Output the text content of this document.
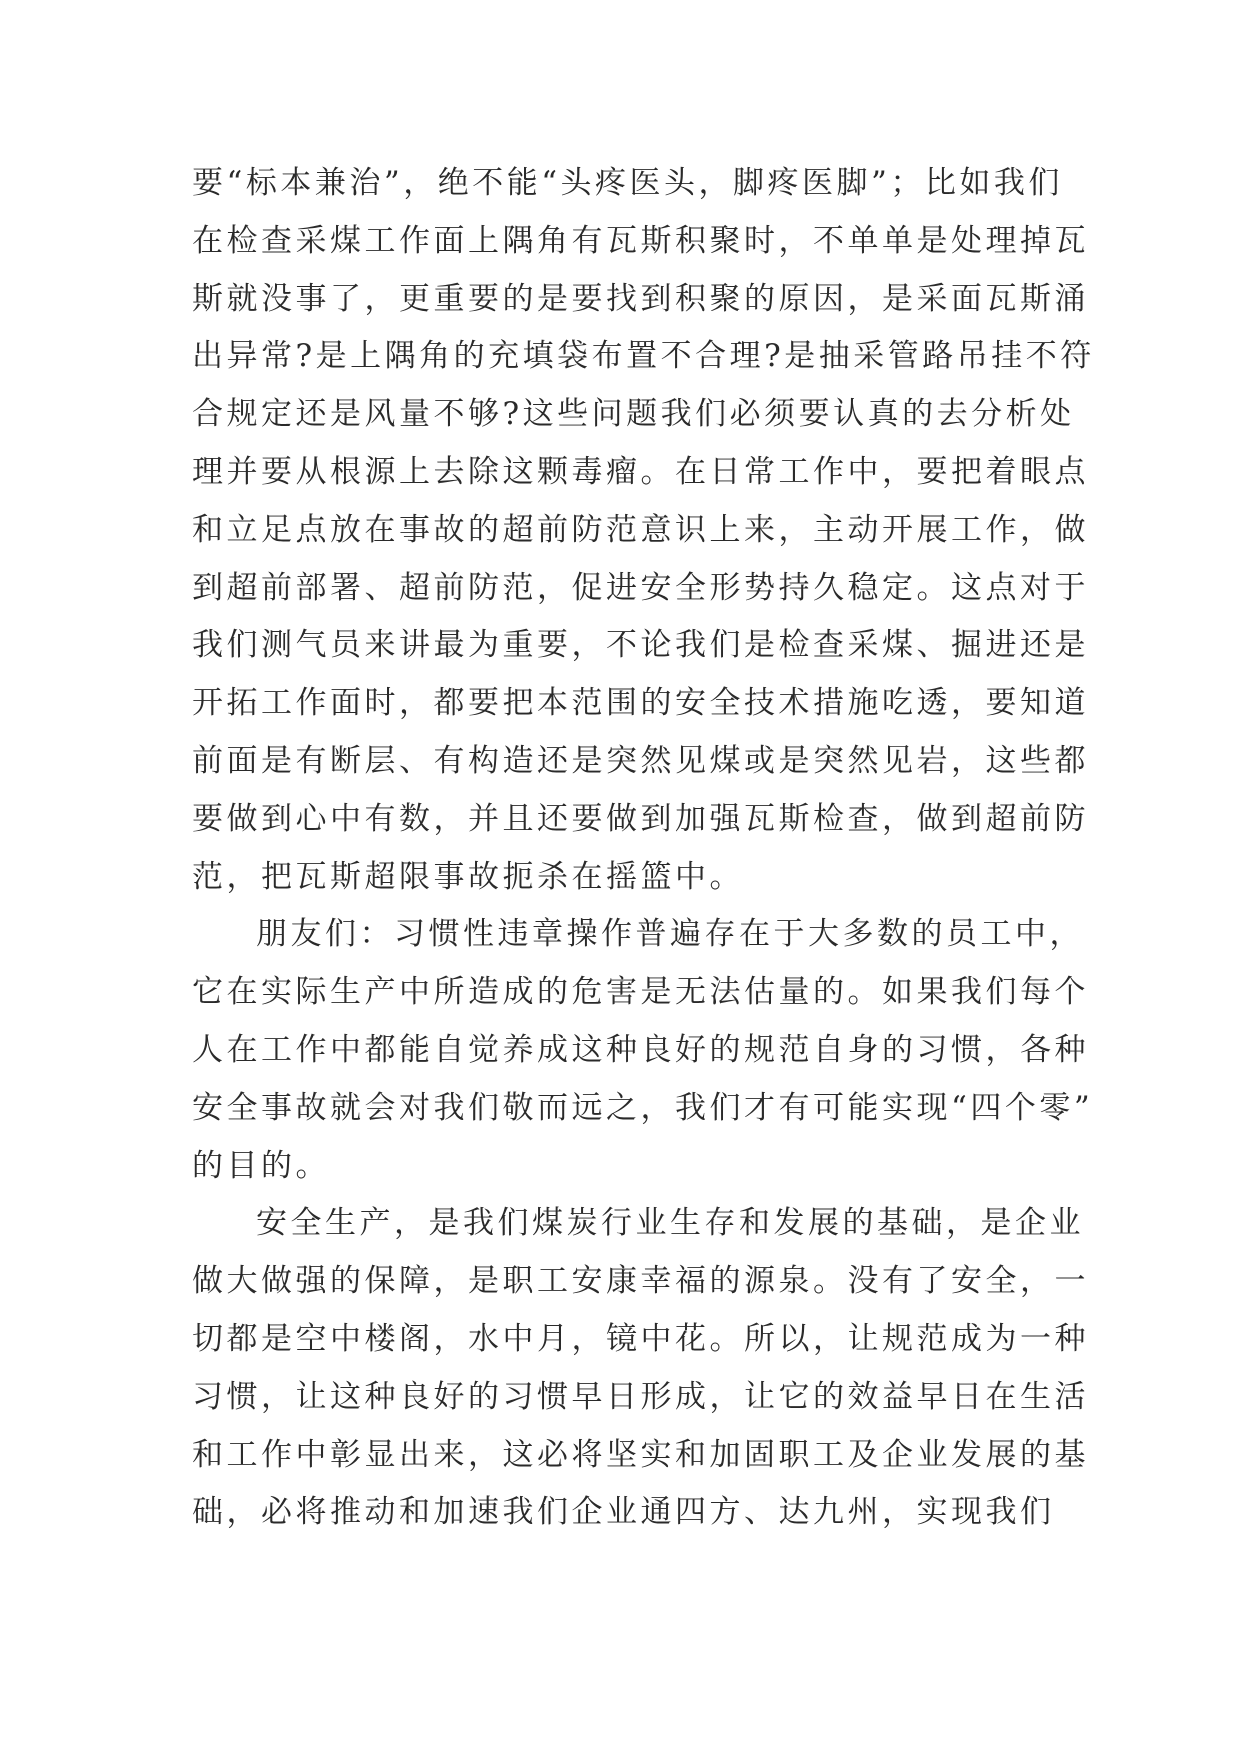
要“标本兼治”，绝不能“头疼医头，脚疼医脚”；比如我们
在检查采煤工作面上隅角有瓦斯积聚时，不单单是处理掉瓦
斯就没事了，更重要的是要找到积聚的原因，是采面瓦斯涌
出异常?是上隅角的充填袋布置不合理?是抽采管路吊挂不符
合规定还是风量不够?这些问题我们必须要认真的去分析处
理并要从根源上去除这颗毒瘤。在日常工作中，要把着眼点
和立足点放在事故的超前防范意识上来，主动开展工作，做
到超前部署、超前防范，促进安全形势持久稳定。这点对于
我们测气员来讲最为重要，不论我们是检查采煤、掘进还是
开拓工作面时，都要把本范围的安全技术措施吃透，要知道
前面是有断层、有构造还是突然见煤或是突然见岩，这些都
要做到心中有数，并且还要做到加强瓦斯检查，做到超前防
范，把瓦斯超限事故扼杀在摇篮中。
朋友们：习惯性违章操作普遍存在于大多数的员工中，
它在实际生产中所造成的危害是无法估量的。如果我们每个
人在工作中都能自觉养成这种良好的规范自身的习惯，各种
安全事故就会对我们敬而远之，我们才有可能实现“四个零”
的目的。
安全生产，是我们煤炭行业生存和发展的基础，是企业
做大做强的保障，是职工安康幸福的源泉。没有了安全，一
切都是空中楼阁，水中月，镜中花。所以，让规范成为一种
习惯，让这种良好的习惯早日形成，让它的效益早日在生活
和工作中彰显出来，这必将坚实和加固职工及企业发展的基
础，必将推动和加速我们企业通四方、达九州，实现我们
